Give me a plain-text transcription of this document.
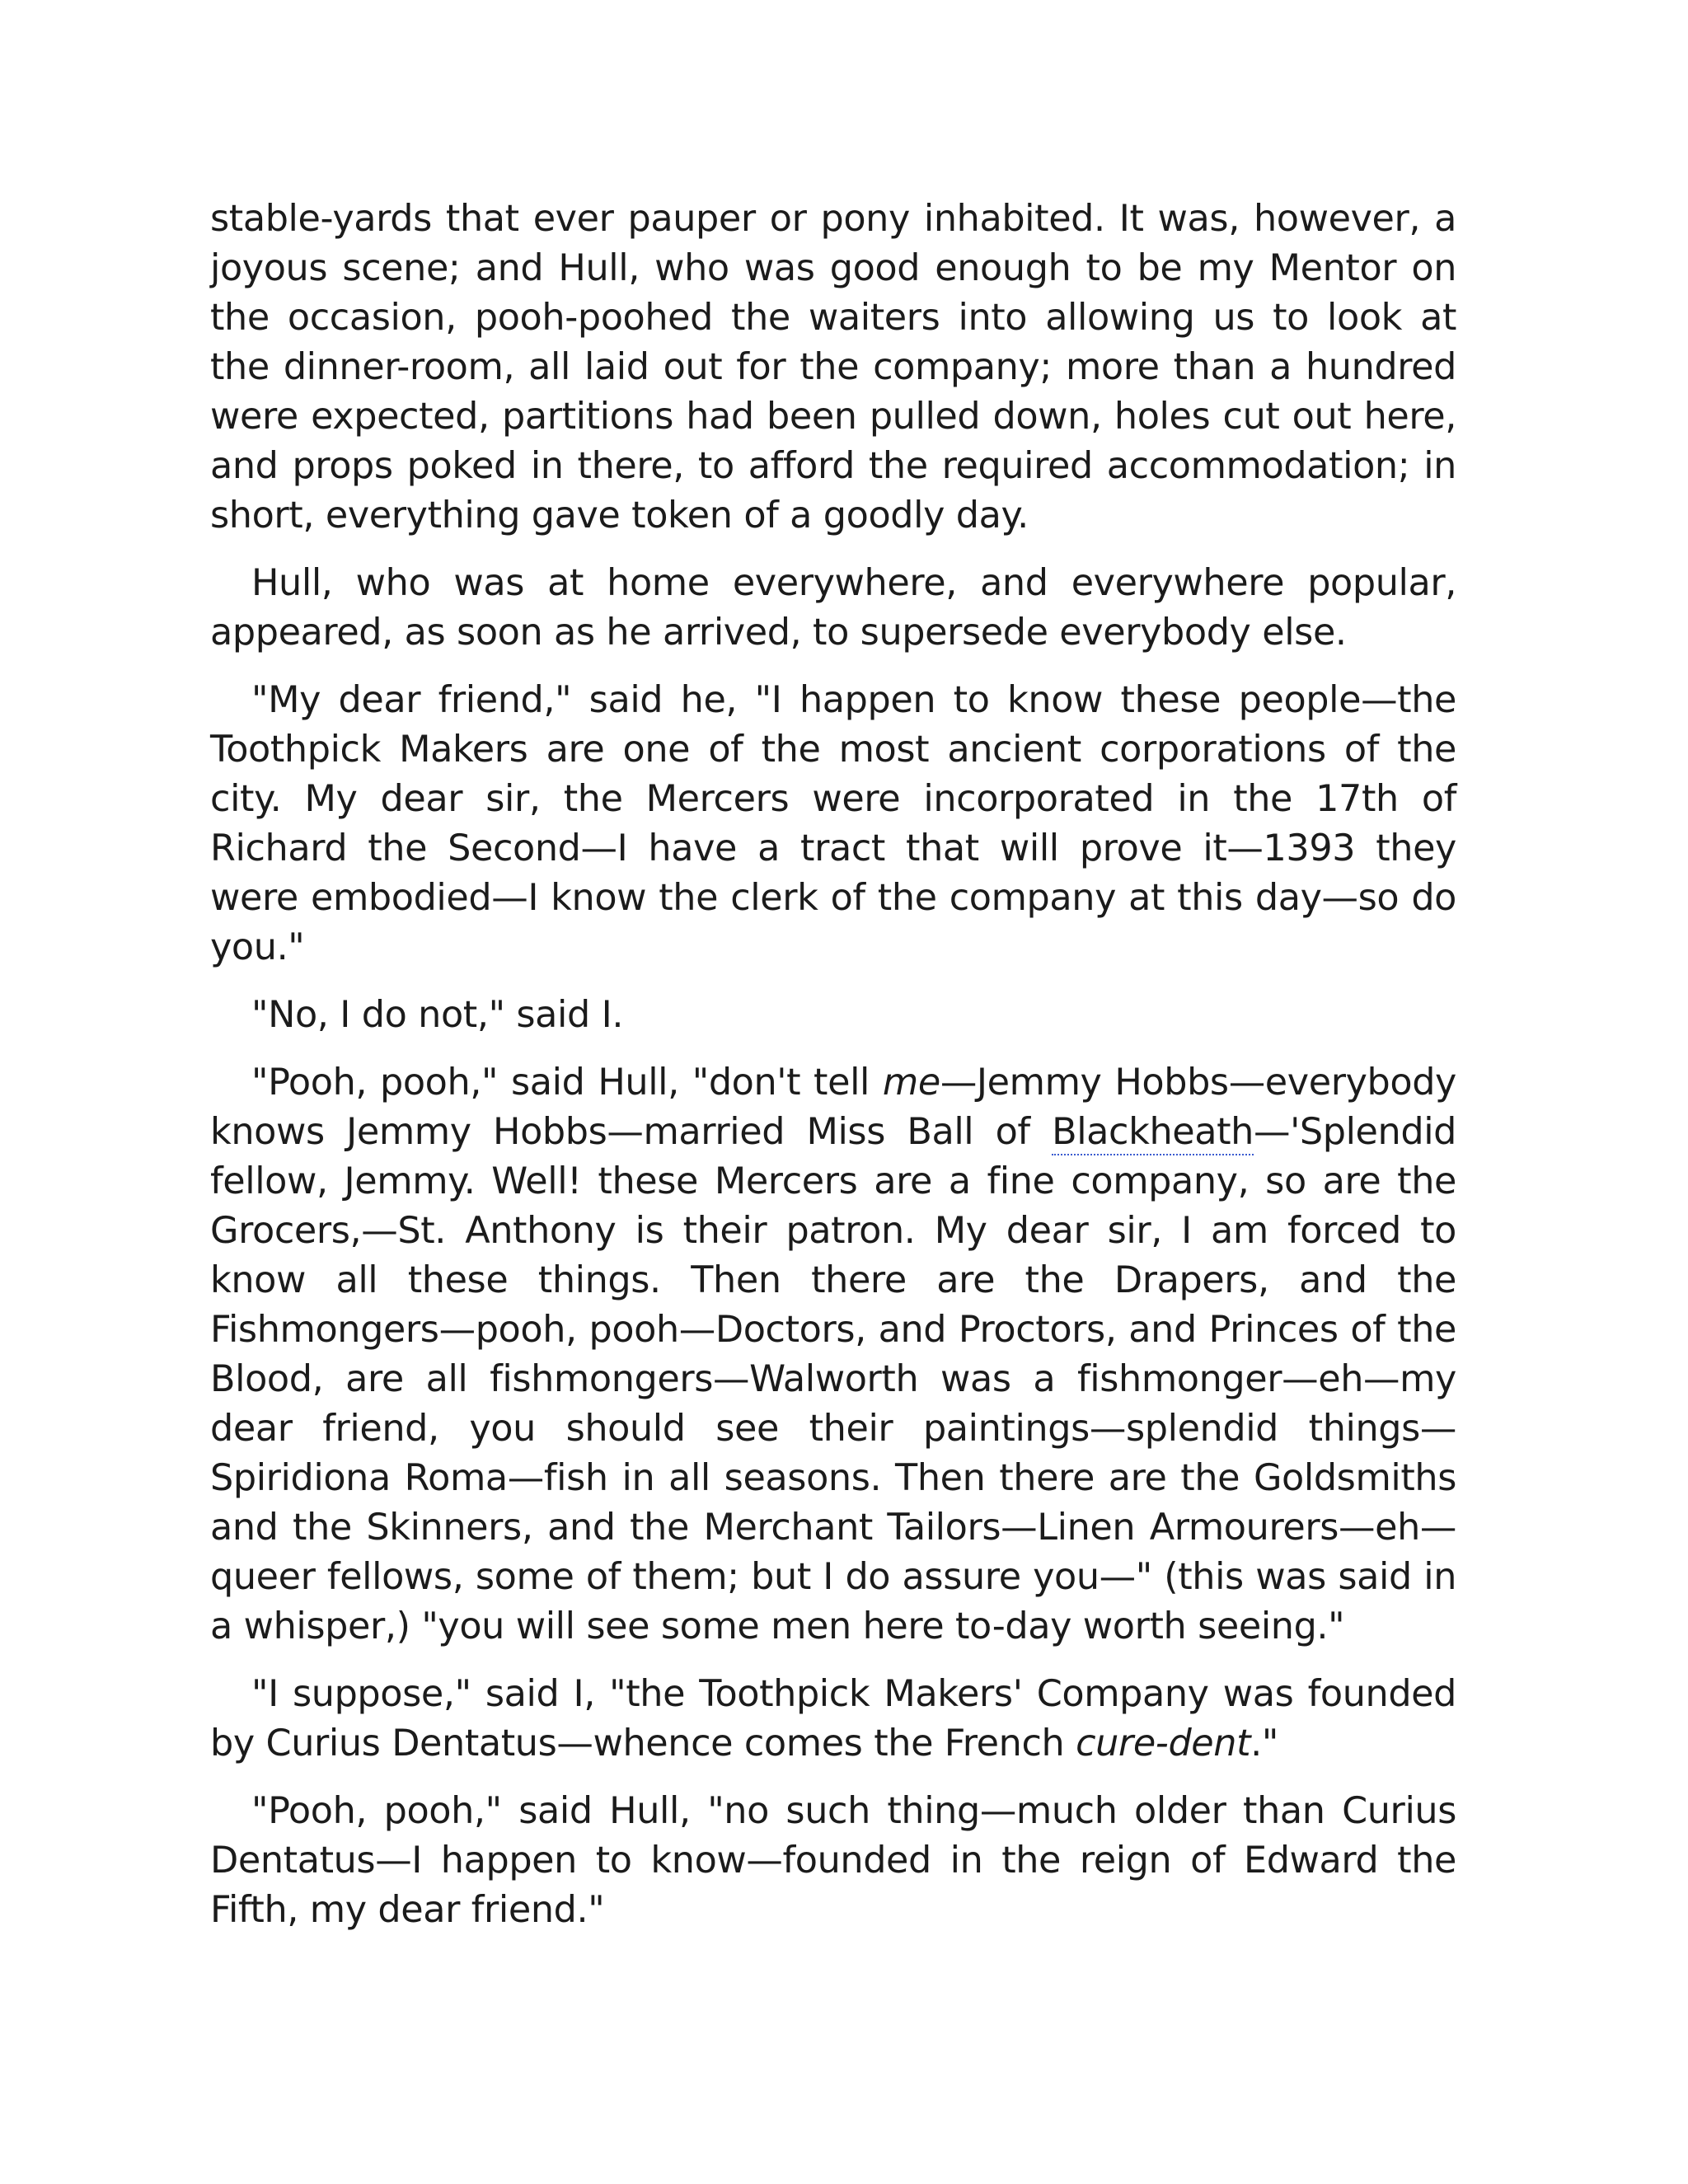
stable-yards that ever pauper or pony inhabited. It was, however, a joyous scene; and Hull, who was good enough to be my Mentor on the occasion, pooh-poohed the waiters into allowing us to look at the dinner-room, all laid out for the company; more than a hundred were expected, partitions had been pulled down, holes cut out here, and props poked in there, to afford the required accommodation; in short, everything gave token of a goodly day.

Hull, who was at home everywhere, and everywhere popular, appeared, as soon as he arrived, to supersede everybody else.

"My dear friend," said he, "I happen to know these people—the Toothpick Makers are one of the most ancient corporations of the city. My dear sir, the Mercers were incorporated in the 17th of Richard the Second—I have a tract that will prove it—1393 they were embodied—I know the clerk of the company at this day—so do you."

"No, I do not," said I.

"Pooh, pooh," said Hull, "don't tell me—Jemmy Hobbs—everybody knows Jemmy Hobbs—married Miss Ball of Blackheath—'Splendid fellow, Jemmy. Well! these Mercers are a fine company, so are the Grocers,—St. Anthony is their patron. My dear sir, I am forced to know all these things. Then there are the Drapers, and the Fishmongers—pooh, pooh—Doctors, and Proctors, and Princes of the Blood, are all fishmongers—Walworth was a fishmonger—eh—my dear friend, you should see their paintings—splendid things—Spiridiona Roma—fish in all seasons. Then there are the Goldsmiths and the Skinners, and the Merchant Tailors—Linen Armourers—eh—queer fellows, some of them; but I do assure you—" (this was said in a whisper,) "you will see some men here to-day worth seeing."

"I suppose," said I, "the Toothpick Makers' Company was founded by Curius Dentatus—whence comes the French cure-dent."

"Pooh, pooh," said Hull, "no such thing—much older than Curius Dentatus—I happen to know—founded in the reign of Edward the Fifth, my dear friend."
